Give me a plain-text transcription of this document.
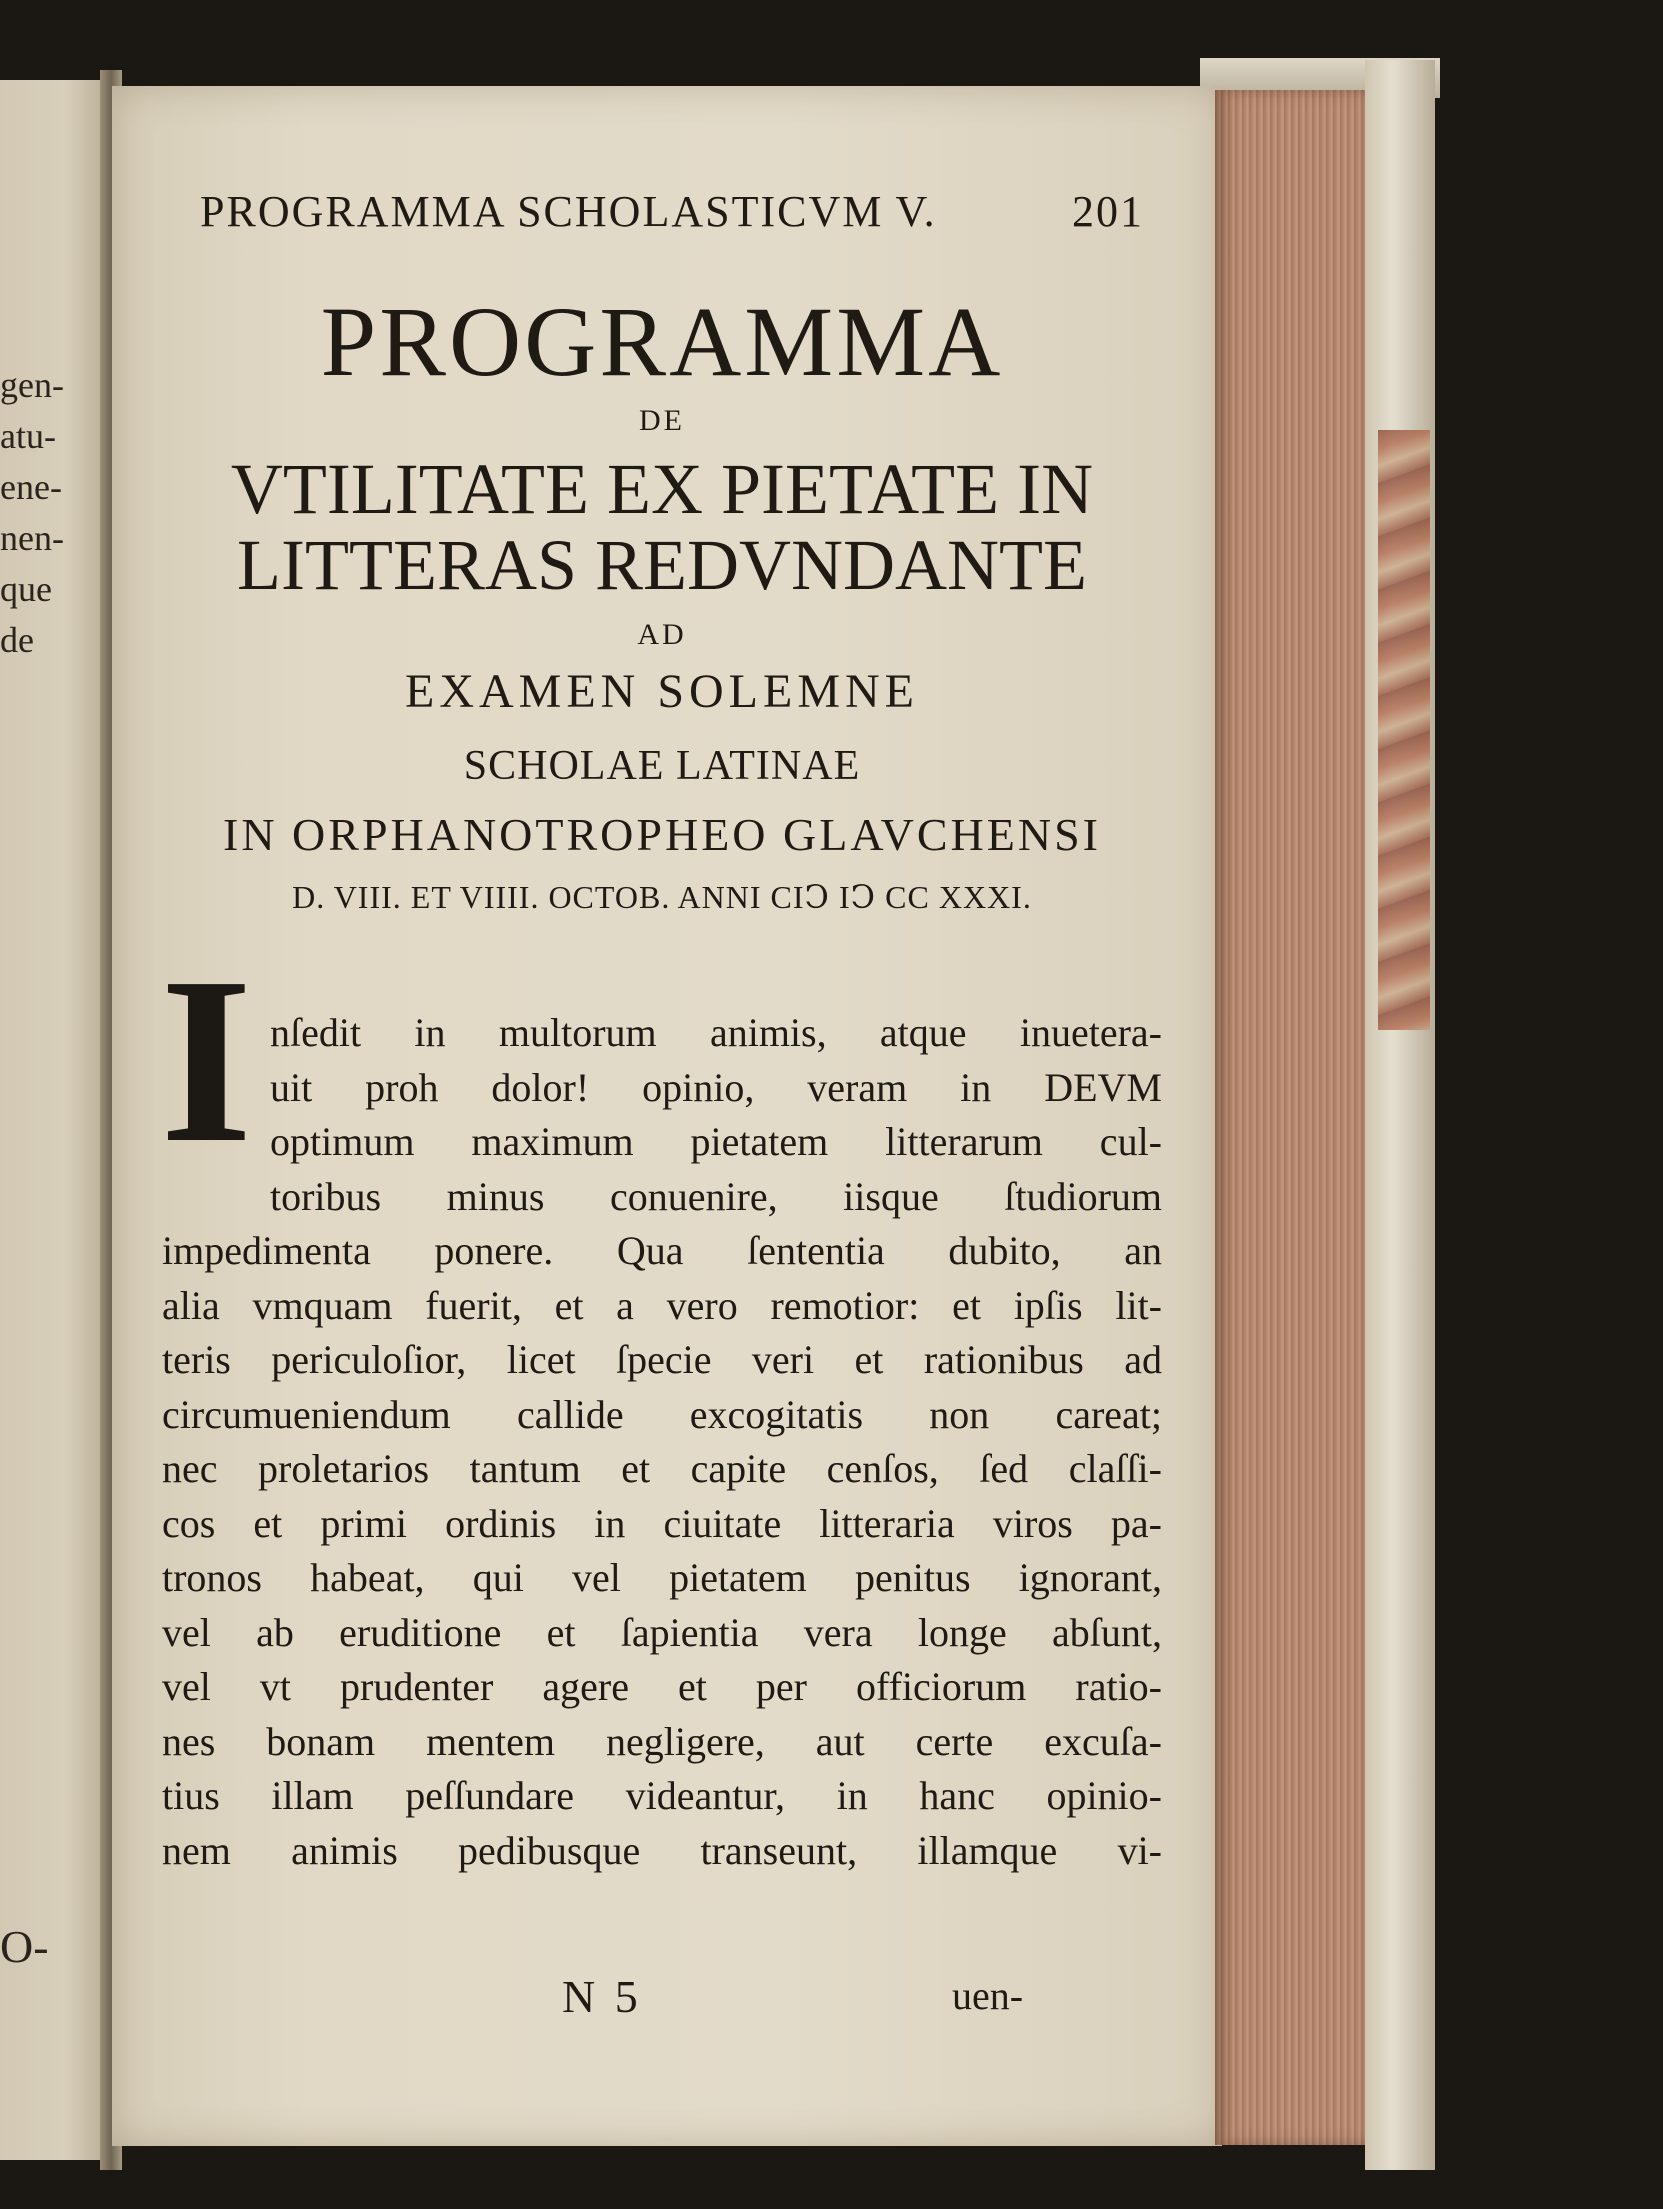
gen-
atu-
ene-
nen-
que
de
O-
PROGRAMMA SCHOLASTICVM V.	201
PROGRAMMA
DE
VTILITATE EX PIETATE IN
LITTERAS REDVNDANTE
AD
EXAMEN SOLEMNE
SCHOLAE LATINAE
IN ORPHANOTROPHEO GLAVCHENSI
D. VIII. ET VIIII. OCTOB. ANNI CIↃ IↃ CC XXXI.
I nſedit in multorum animis, atque inuetera-
uit proh dolor! opinio, veram in DEVM
optimum maximum pietatem litterarum cul-
toribus minus conuenire, iisque ſtudiorum
impedimenta ponere. Qua ſententia dubito, an
alia vmquam fuerit, et a vero remotior: et ipſis lit-
teris periculoſior, licet ſpecie veri et rationibus ad
circumueniendum callide excogitatis non careat;
nec proletarios tantum et capite cenſos, ſed claſſi-
cos et primi ordinis in ciuitate litteraria viros pa-
tronos habeat, qui vel pietatem penitus ignorant,
vel ab eruditione et ſapientia vera longe abſunt,
vel vt prudenter agere et per officiorum ratio-
nes bonam mentem negligere, aut certe excuſa-
tius illam peſſundare videantur, in hanc opinio-
nem animis pedibusque transeunt, illamque vi-
N 5	uen-
